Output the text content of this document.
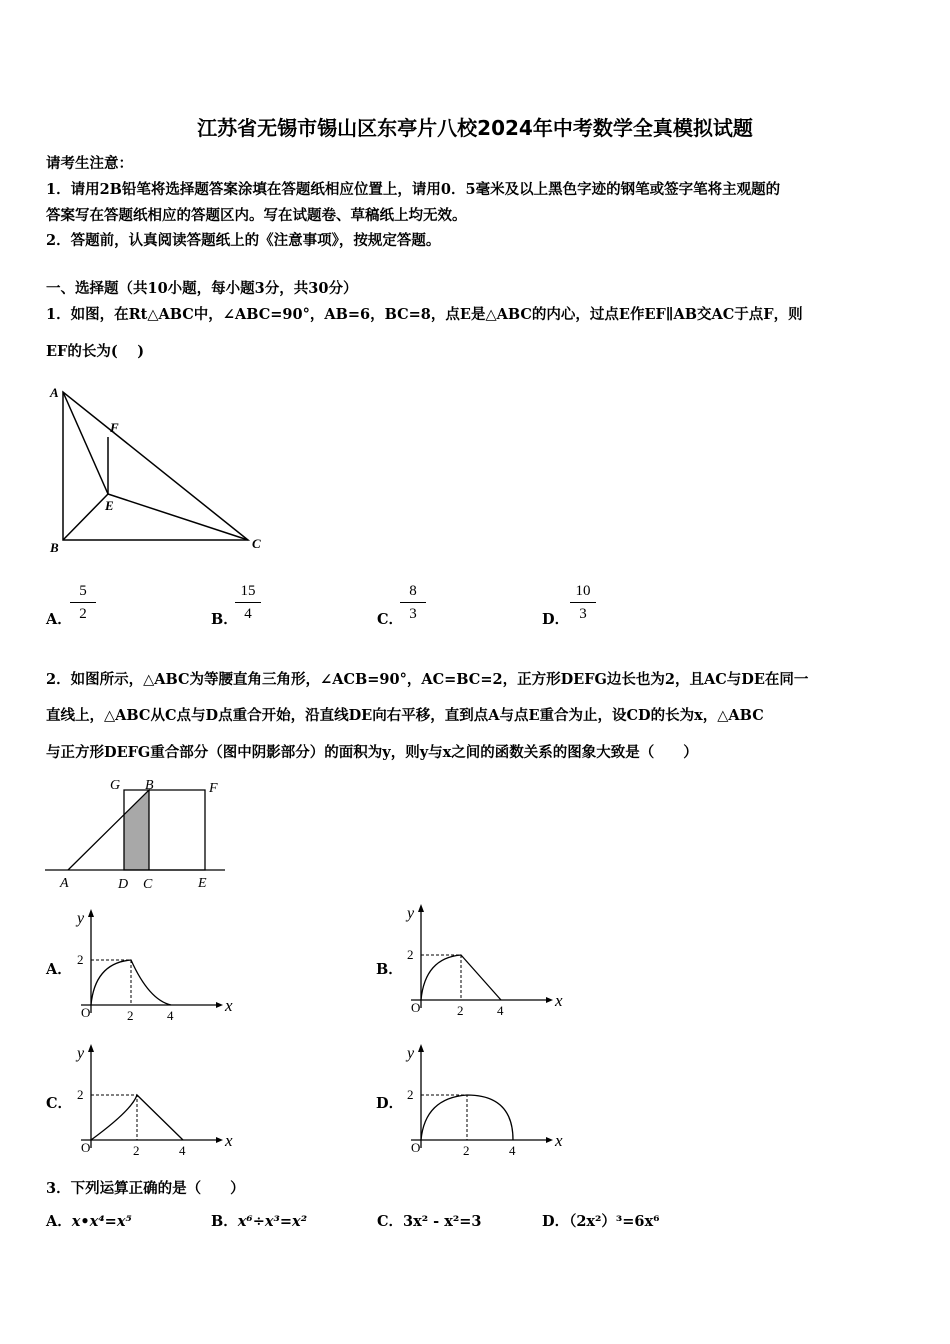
江苏省无锡市锡山区东亭片八校2024年中考数学全真模拟试题
请考生注意：
1．请用2B铅笔将选择题答案涂填在答题纸相应位置上，请用0．5毫米及以上黑色字迹的钢笔或签字笔将主观题的
答案写在答题纸相应的答题区内。写在试题卷、草稿纸上均无效。
2．答题前，认真阅读答题纸上的《注意事项》，按规定答题。
一、选择题（共10小题，每小题3分，共30分）
1．如图，在Rt△ABC中，∠ABC=90°，AB=6，BC=8，点E是△ABC的内心，过点E作EF∥AB交AC于点F，则
EF的长为(　 )
A
B	C
E
F
G B	F
A	D C	E
O	2	4
2
x
y
O	2	4
2
x
y
O	2	4
2
x
y
O	2	4
2
x
y
A．
$\frac{5}{2}$	B．
$\frac{15}{4}$	C．
$\frac{8}{3}$	D． $\frac{10}{3}$
2．如图所示，△ABC为等腰直角三角形，∠ACB=90°，AC=BC=2，正方形DEFG边长也为2，且AC与DE在同一
直线上，△ABC从C点与D点重合开始，沿直线DE向右平移，直到点A与点E重合为止，设CD的长为x，△ABC
与正方形DEFG重合部分（图中阴影部分）的面积为y，则y与x之间的函数关系的图象大致是（　　）
A．	B．
C．	D．
3．下列运算正确的是（　　）
A．x•x⁴=x⁵	B．x⁶÷x³=x²	C．3x² - x²=3	D．（2x²）³=6x⁶
